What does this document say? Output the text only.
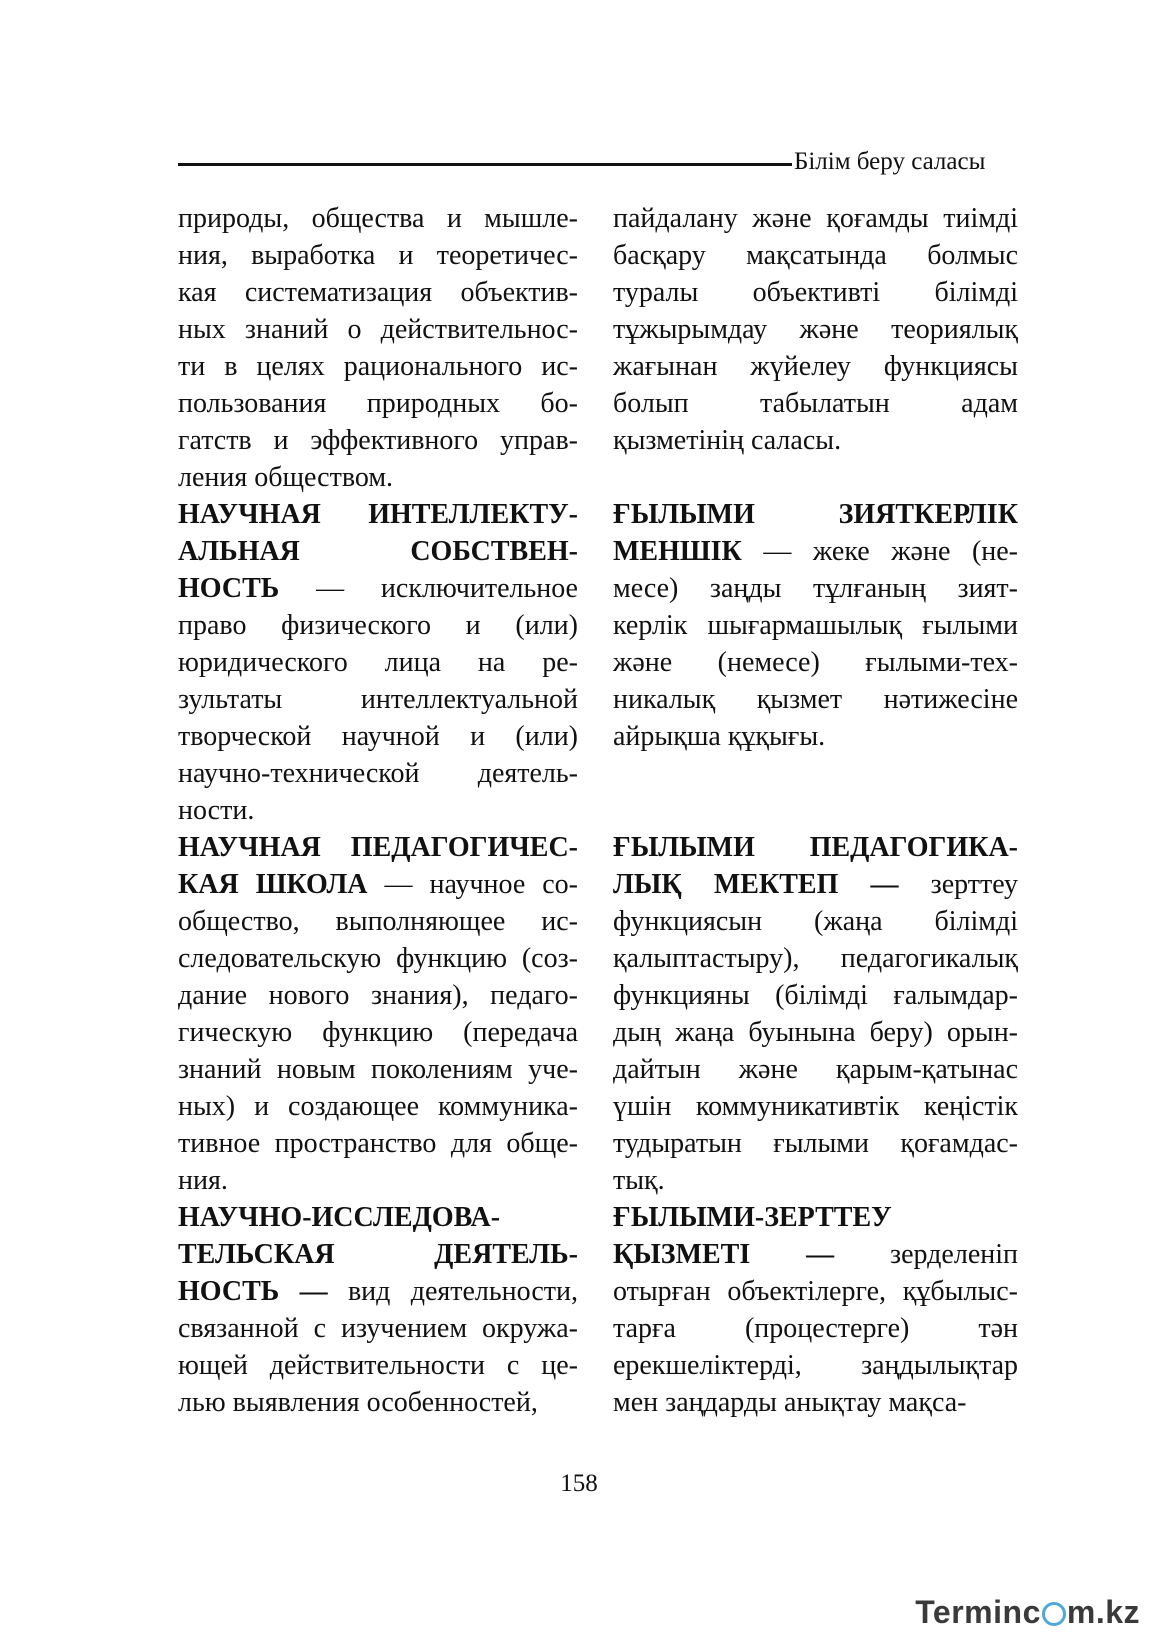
Білім беру саласы
природы, общества и мышле-
ния, выработка и теоретичес-
кая систематизация объектив-
ных знаний о действительнос-
ти в целях рационального ис-
пользования природных бо-
гатств и эффективного управ-
ления обществом.
НАУЧНАЯ ИНТЕЛЛЕКТУ-
АЛЬНАЯ СОБСТВЕН-
НОСТЬ — исключительное
право физического и (или)
юридического лица на ре-
зультаты интеллектуальной
творческой научной и (или)
научно-технической деятель-
ности.
НАУЧНАЯ ПЕДАГОГИЧЕС-
КАЯ ШКОЛА — научное со-
общество, выполняющее ис-
следовательскую функцию (соз-
дание нового знания), педаго-
гическую функцию (передача
знаний новым поколениям уче-
ных) и создающее коммуника-
тивное пространство для обще-
ния.
НАУЧНО-ИССЛЕДОВА-
ТЕЛЬСКАЯ ДЕЯТЕЛЬ-
НОСТЬ — вид деятельности,
связанной с изучением окружа-
ющей действительности с це-
лью выявления особенностей,
пайдалану және қоғамды тиімді
басқару мақсатында болмыс
туралы объективті білімді
тұжырымдау және теориялық
жағынан жүйелеу функциясы
болып табылатын адам
қызметінің саласы.
ҒЫЛЫМИ ЗИЯТКЕРЛІК
МЕНШІК — жеке және (не-
месе) заңды тұлғаның зият-
керлік шығармашылық ғылыми
және (немесе) ғылыми-тех-
никалық қызмет нәтижесіне
айрықша құқығы.
ҒЫЛЫМИ ПЕДАГОГИКА-
ЛЫҚ МЕКТЕП — зерттеу
функциясын (жаңа білімді
қалыптастыру), педагогикалық
функцияны (білімді ғалымдар-
дың жаңа буынына беру) орын-
дайтын және қарым-қатынас
үшін коммуникативтік кеңістік
тудыратын ғылыми қоғамдас-
тық.
ҒЫЛЫМИ-ЗЕРТТЕУ
ҚЫЗМЕТІ — зерделеніп
отырған объектілерге, құбылыс-
тарға (процестерге) тән
ерекшеліктерді, заңдылықтар
мен заңдарды анықтау мақса-
158
Terminc m.kz
